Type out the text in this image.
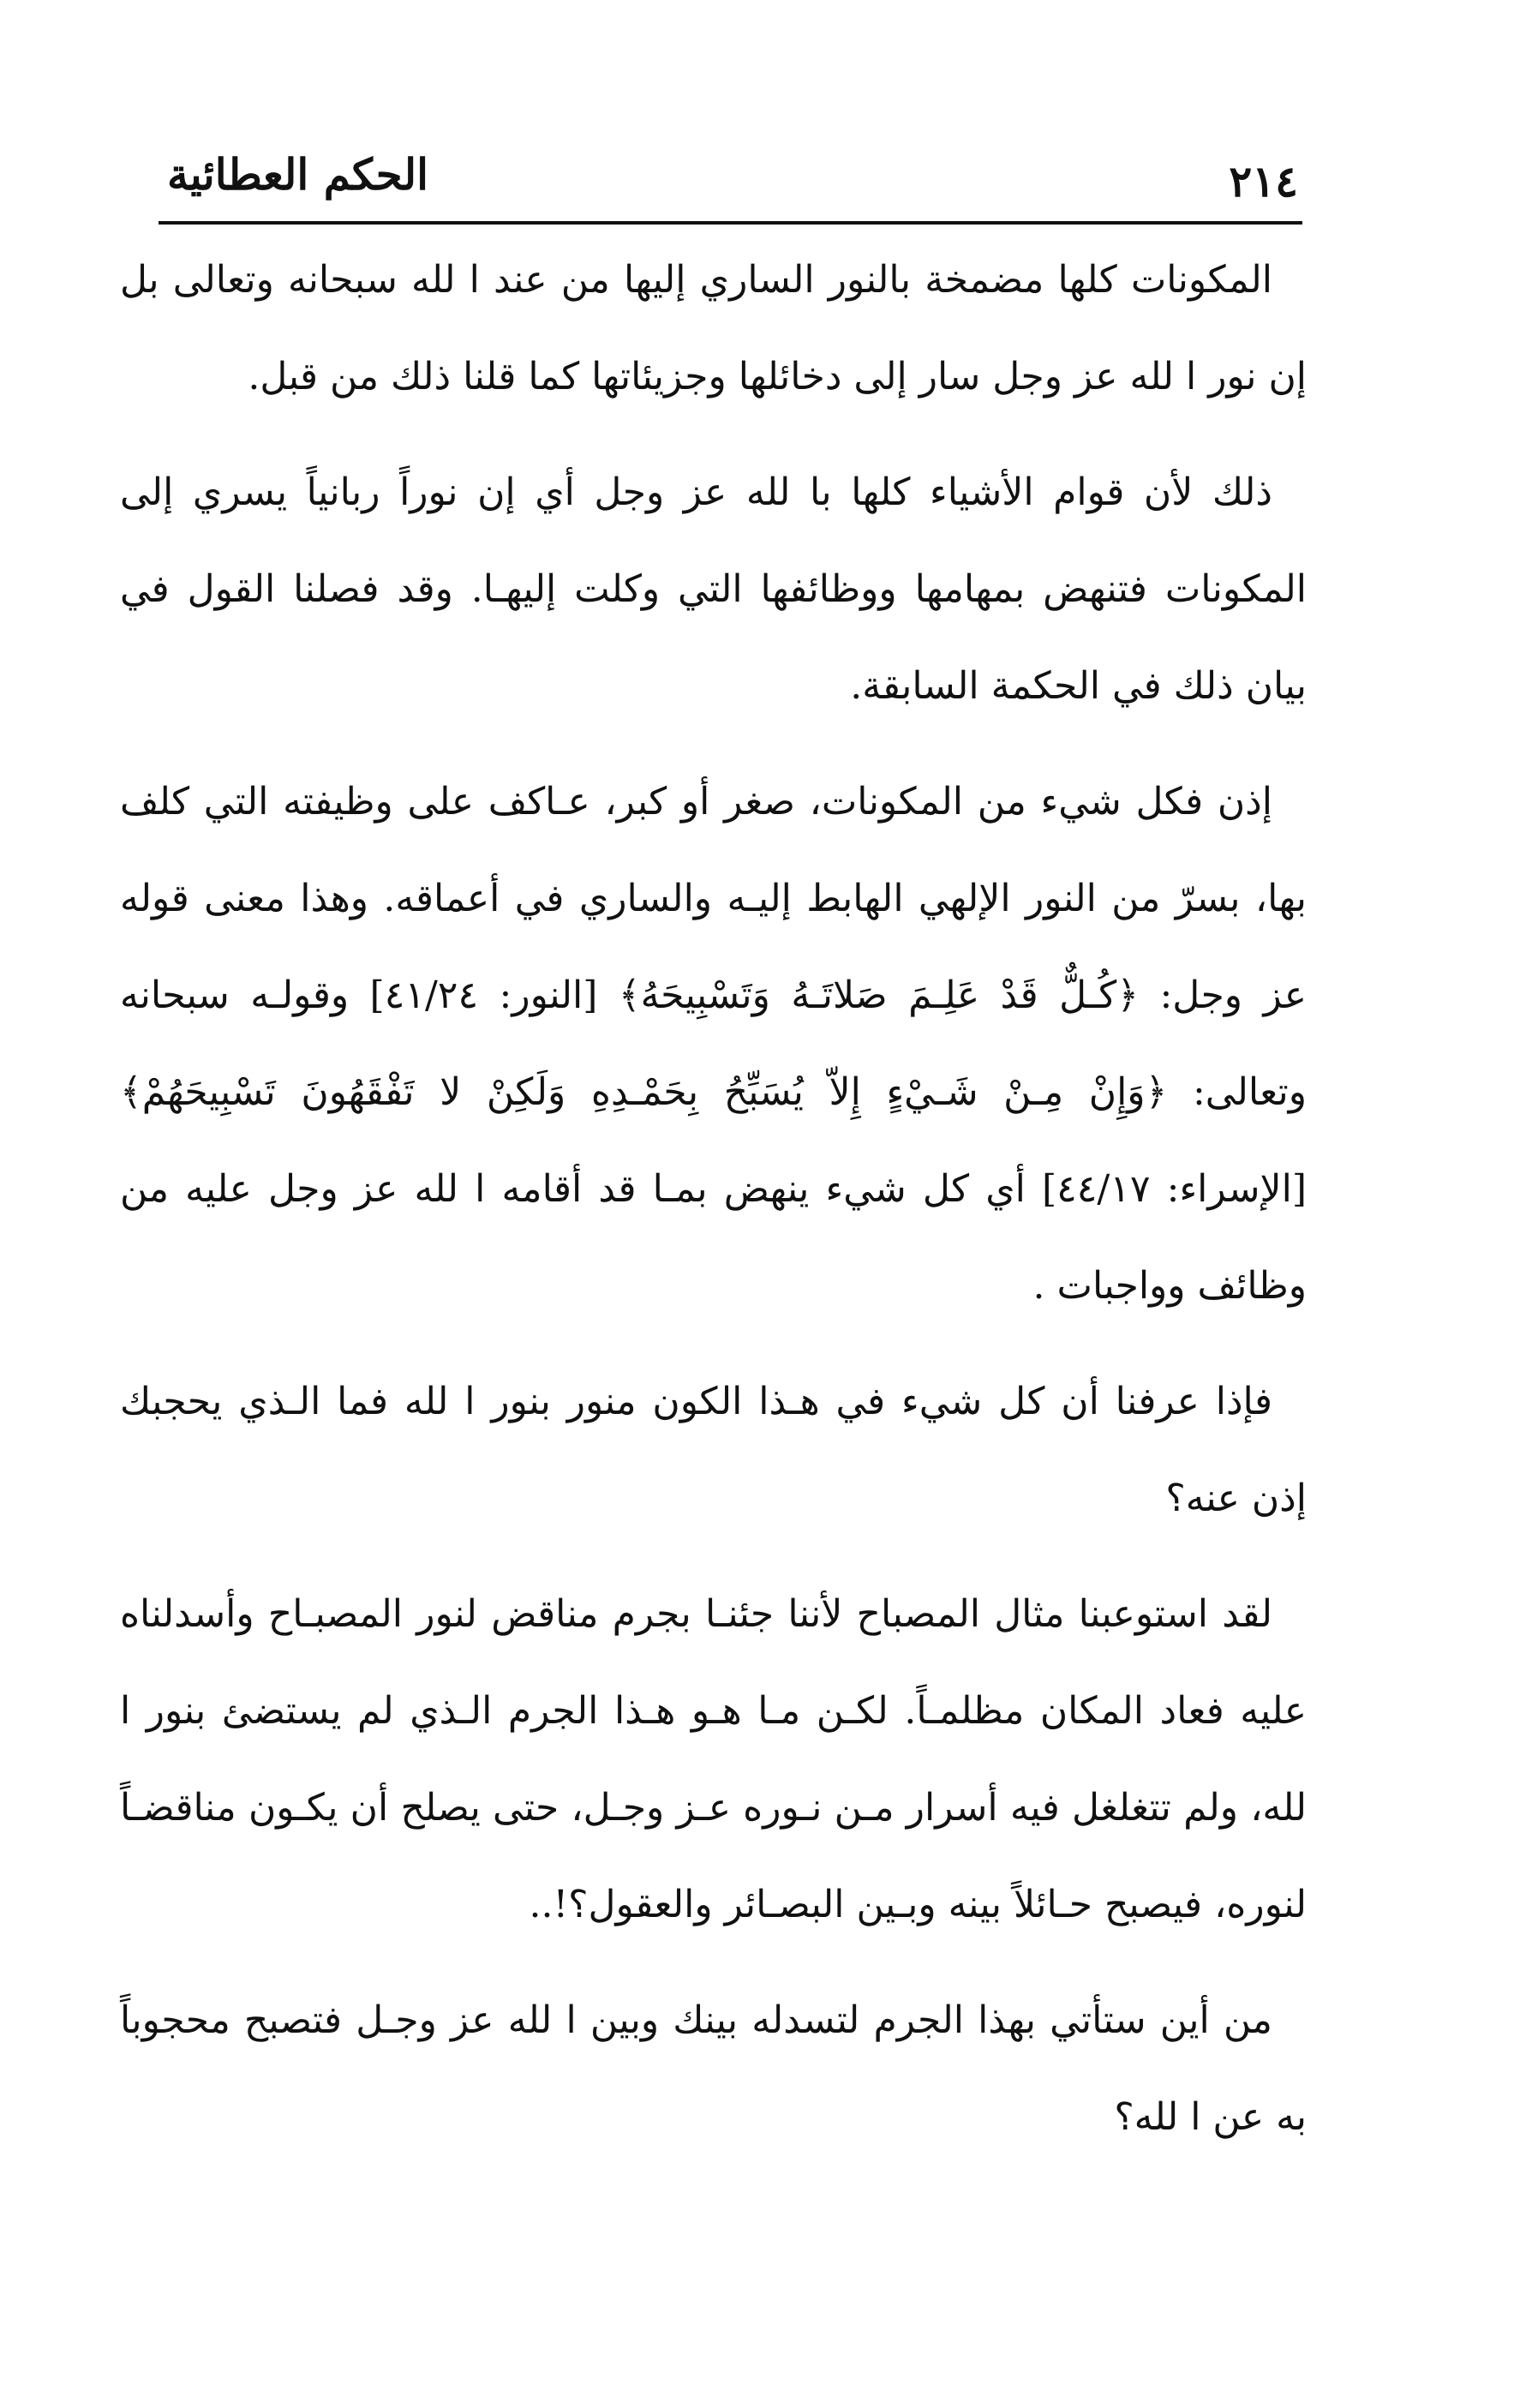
٢١٤
الحكم العطائية

المكونات كلها مضمخة بالنور الساري إليها من عند ا لله سبحانه وتعالى بل إن نور ا لله عز وجل سار إلى دخائلها وجزيئاتها كما قلنا ذلك من قبل.

ذلك لأن قوام الأشياء كلها با لله عز وجل أي إن نوراً ربانياً يسري إلى المكونات فتنهض بمهامها ووظائفها التي وكلت إليهـا. وقد فصلنا القول في بيان ذلك في الحكمة السابقة.

إذن فكل شيء من المكونات، صغر أو كبر، عـاكف على وظيفته التي كلف بها، بسرّ من النور الإلهي الهابط إليـه والساري في أعماقه. وهذا معنى قوله عز وجل: ﴿كُـلٌّ قَدْ عَلِـمَ صَلاتَـهُ وَتَسْبِيحَهُ﴾ [النور: ٤١/٢٤] وقولـه سبحانه وتعالى: ﴿وَإِنْ مِـنْ شَـيْءٍ إِلاّ يُسَبِّحُ بِحَمْـدِهِ وَلَكِنْ لا تَفْقَهُونَ تَسْبِيحَهُمْ﴾ [الإسراء: ٤٤/١٧] أي كل شيء ينهض بمـا قد أقامه ا لله عز وجل عليه من وظائف وواجبات .

فإذا عرفنا أن كل شيء في هـذا الكون منور بنور ا لله فما الـذي يحجبك إذن عنه؟

لقد استوعبنا مثال المصباح لأننا جئنـا بجرم مناقض لنور المصبـاح وأسدلناه عليه فعاد المكان مظلمـاً. لكـن مـا هـو هـذا الجرم الـذي لم يستضئ بنور ا لله، ولم تتغلغل فيه أسرار مـن نـوره عـز وجـل، حتى يصلح أن يكـون مناقضـاً لنوره، فيصبح حـائلاً بينه وبـين البصـائر والعقول؟!..

من أين ستأتي بهذا الجرم لتسدله بينك وبين ا لله عز وجـل فتصبح محجوباً به عن ا لله؟
